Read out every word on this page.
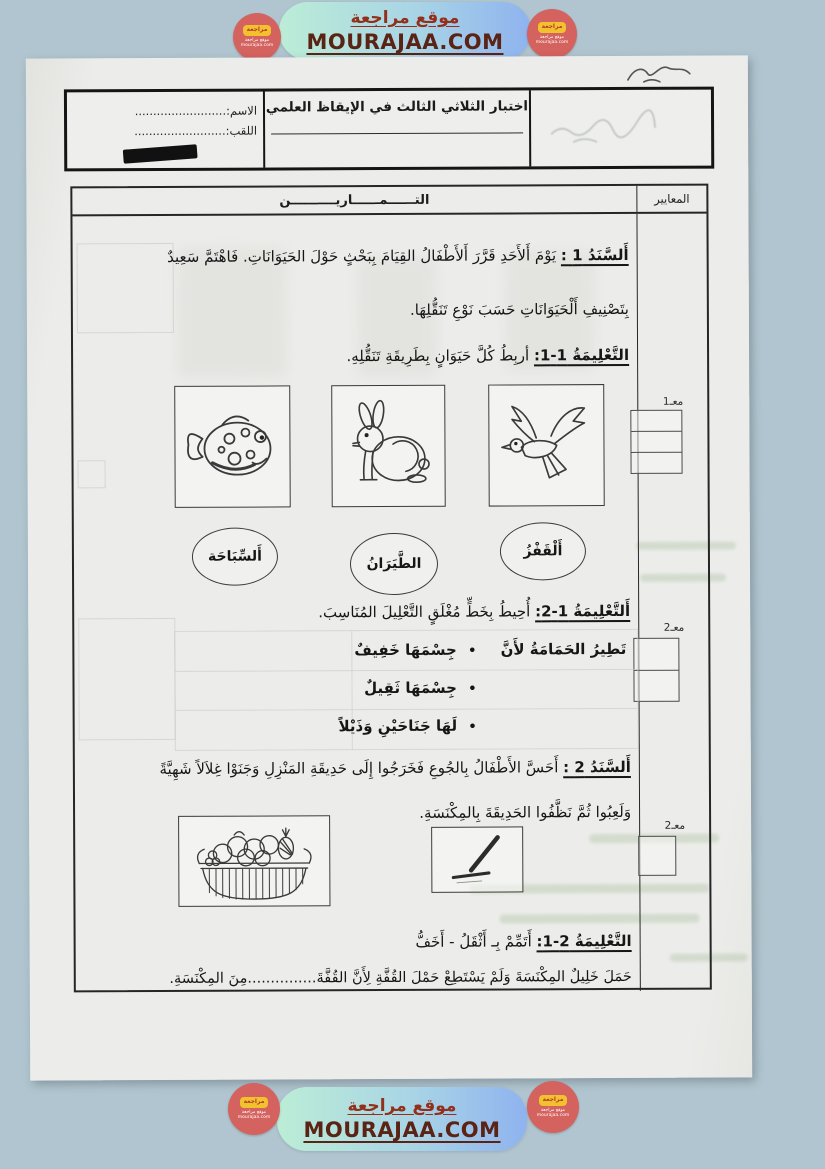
موقع مراجعة
MOURAJAA.COM
مراجعة
موقع مراجعة
mourajaa.com
مراجعة
موقع مراجعة
mourajaa.com
اختبار الثلاثي الثالث في الإيقاظ العلمي
الاسم:.........................
اللقب:.........................
المعايير
التــــــمــــــاريــــــــــن
معـ1
معـ2
معـ2
أَلسَّنَدُ 1 : يَوْمَ أَلأَحَدِ قَرَّرَ أَلأَطْفَالُ القِيَامَ بِبَحْثٍ حَوْلَ الحَيَوَانَاتِ. فَاهْتَمَّ سَعِيدٌ
بِتَصْنِيفِ أَلْحَيَوَانَاتِ حَسَبَ نَوْعِ تَنَقُّلِهَا.
التَّعْلِيمَةُ 1-1: أربِطُ كُلَّ حَيَوَانٍ بِطَرِيقَةِ تَنَقُّلِهِ.
أَلسِّبَاحَة	الطَّيَرَانُ
أَلْقَفْزُ
أَلتَّعْلِيمَةُ 1-2: أُحِيطُ بِخَطٍّ مُغْلَقٍ التَّعْلِيلَ المُنَاسِبَ.
تَطِيرُ الحَمَامَةُ لأَنَّ
• جِسْمَهَا خَفِيفٌ
• جِسْمَهَا ثَقِيلٌ
• لَهَا جَنَاحَيْنِ وَذَيْلاً
أَلسَّنَدُ 2 : أَحَسَّ الأَطْفَالُ بِالجُوعِ فَخَرَجُوا إِلَى حَدِيقَةِ المَنْزِلِ وَجَنَوْا غِلاَلاً شَهِيَّةً
وَلَعِبُوا ثُمَّ نَظَّفُوا الحَدِيقَةَ بِالمِكْنَسَةِ.
التَّعْلِيمَةُ 2-1: أَتَمِّمْ بِـ أَثْقَلُ - أَخَفُّ
حَمَلَ خَلِيلٌ المِكْنَسَةَ وَلَمْ يَسْتَطِعْ حَمْلَ القُفَّةِ لِأَنَّ القُفَّةَ...............مِنَ المِكْنَسَةِ.
موقع مراجعة
MOURAJAA.COM
مراجعة
موقع مراجعة
mourajaa.com
مراجعة
موقع مراجعة
mourajaa.com
